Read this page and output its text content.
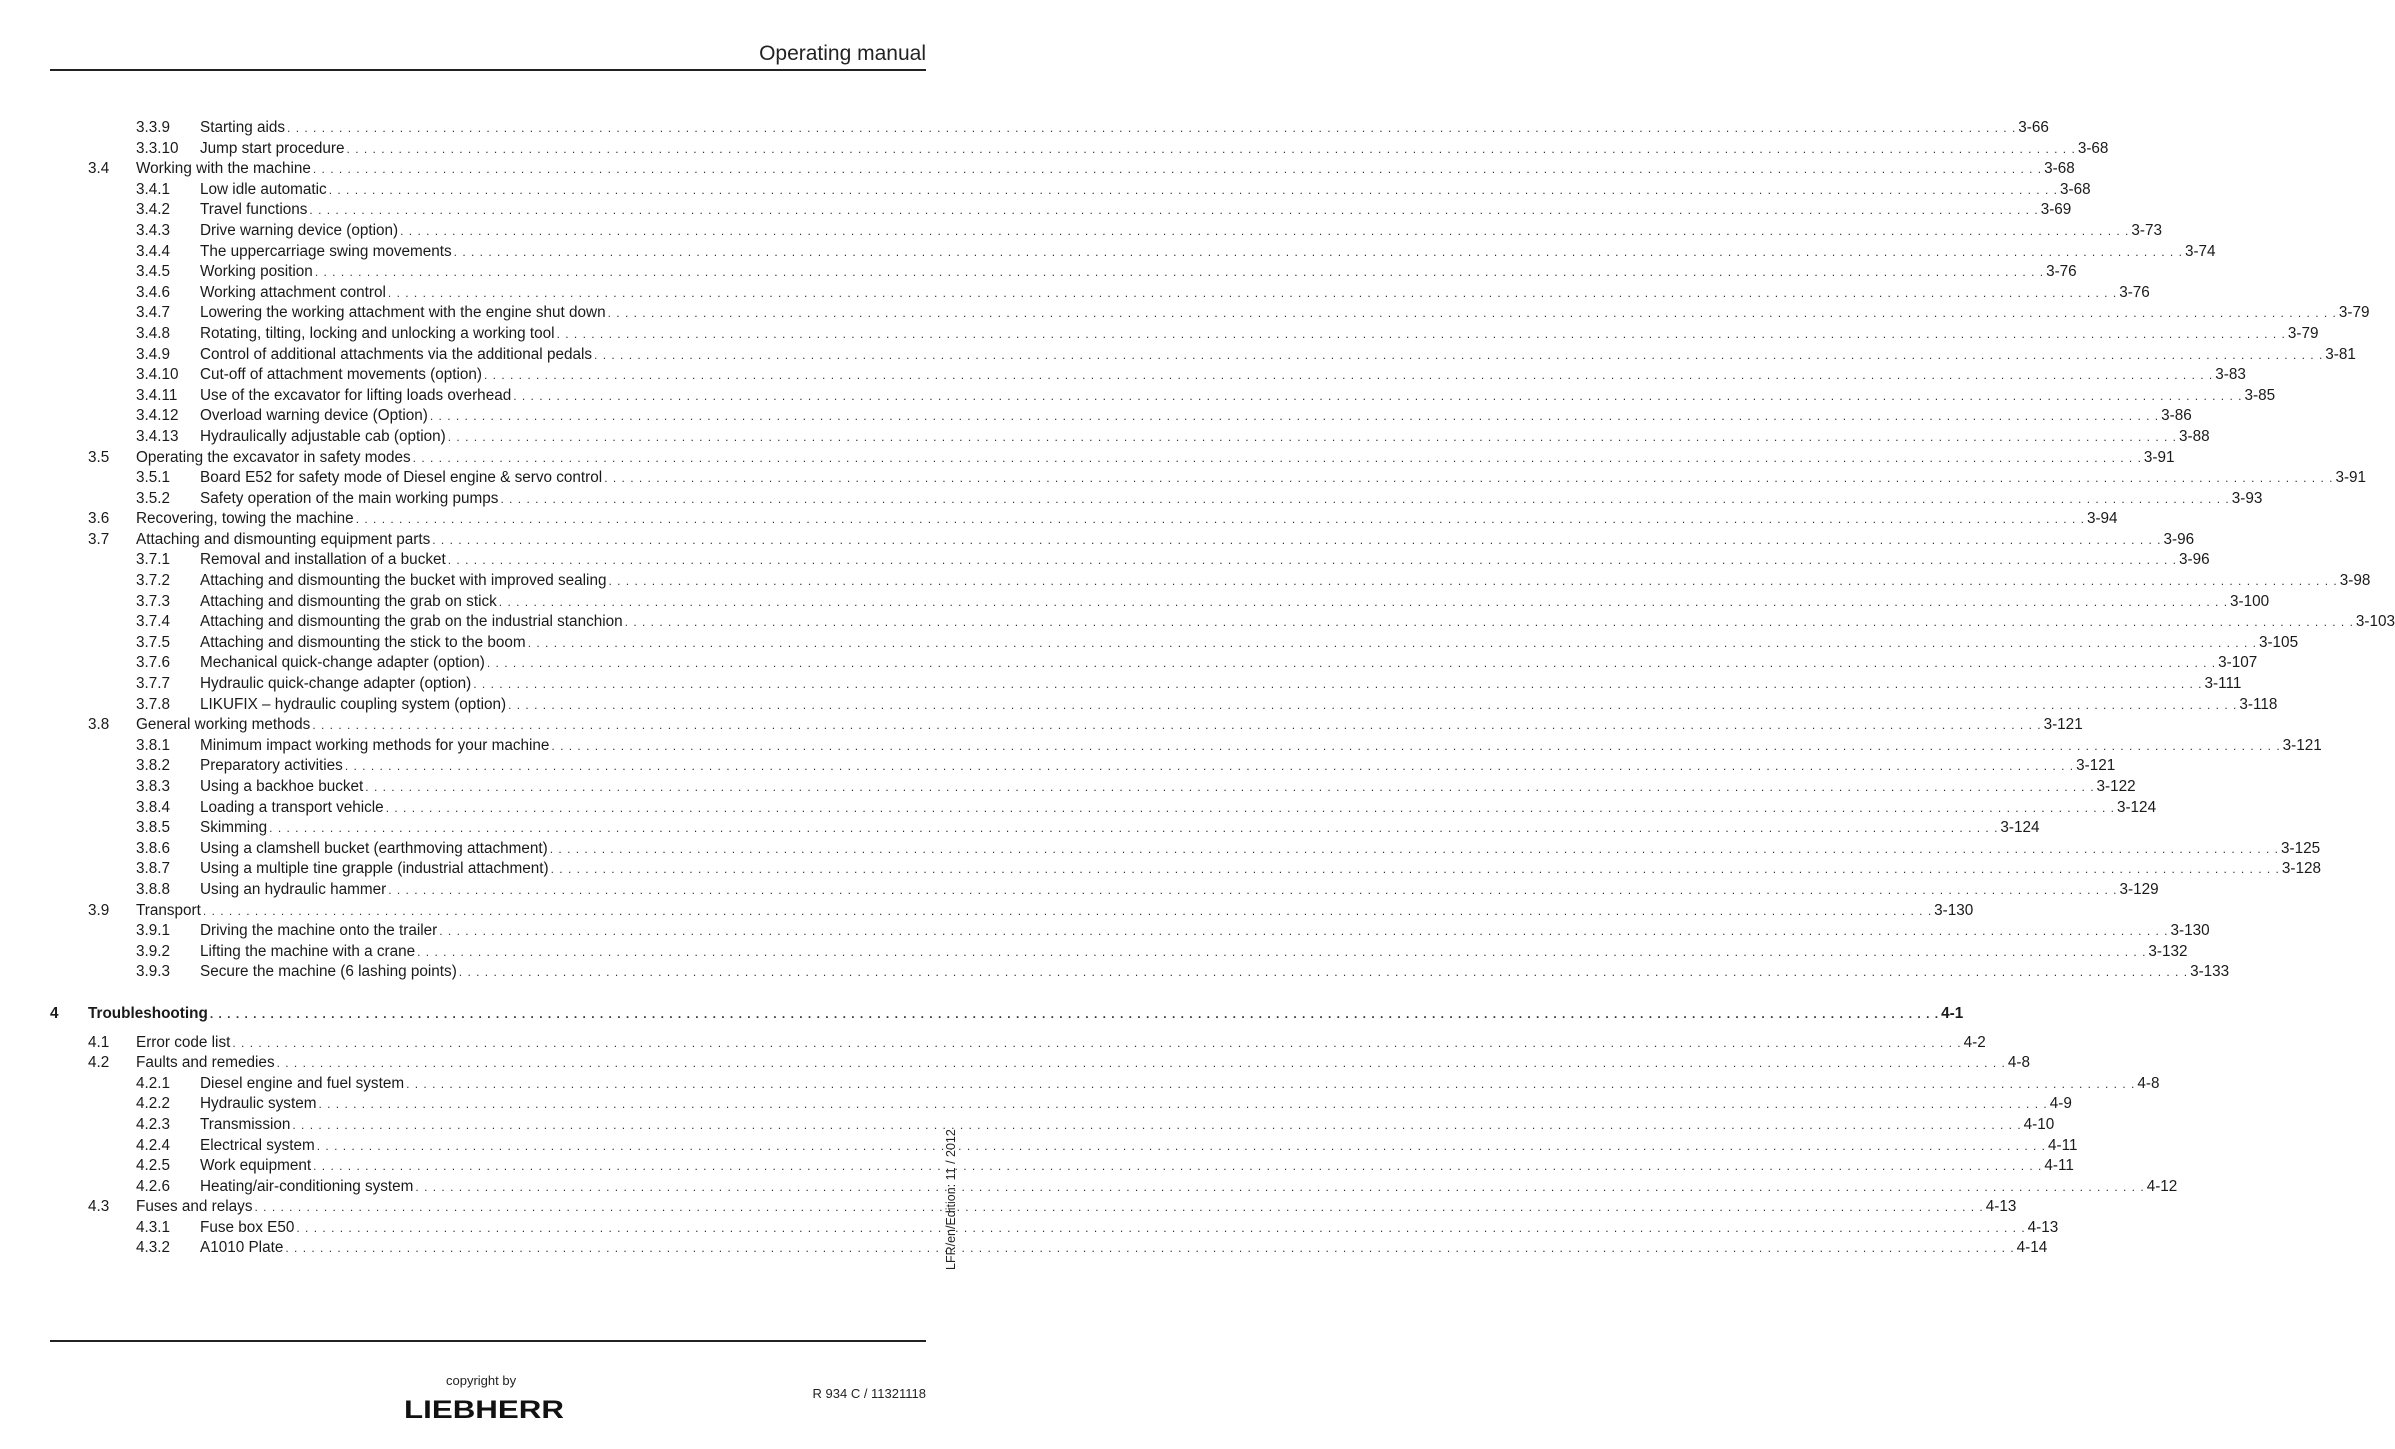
Operating manual
3.3.9 Starting aids . . . . . . . . . . . . . . . . . . . . . . . . . . . . . . . . . . . . . . . . . . . . . . . . . . . . . . . . . . . . . . . . . . . . . . . . . . . . . . . . . . . . . . . . . . . . . . . . . . . . . . . . . . . . . . . . . . . . . . . . . . . . . . . . . . . . . . . . . . . . . . . . . . . . . . . . . . . . . . . . . . . . . . . . . . . . . . . . . . . . . . . . . . . . . . . . . . . . . . . . 3-66
3.3.10 Jump start procedure . . . . . . . . . . . . . . . . . . . . . . . . . . . . . . . . . . . . . . . . . . . . . . . . . . . . . . . . . . . . . . . . . . . . . . . . . . . . . . . . . . . . . . . . . . . . . . . . . . . . . . . . . . . . . . . . . . . . . . . . . . . . . . . . . . . . . . . . . . . . . . . . . . . . . . . . . . . . . . . . . . . . . . . . . . . . . . . . . . . . . . . . . . . . . . . . . . . . . . . . 3-68
3.4 Working with the machine . . . . . . . . . . . . . . . . . . . . . . . . . . . . . . . . . . . . . . . . . . . . . . . . . . . . . . . . . . . . . . . . . . . . . . . . . . . . . . . . . . . . . . . . . . . . . . . . . . . . . . . . . . . . . . . . . . . . . . . . . . . . . . . . . . . . . . . . . . . . . . . . . . . . . . . . . . . . . . . . . . . . . . . . . . . . . . . . . . . . . . . . . . . . . . . . . . . . . . . . 3-68
3.4.1 Low idle automatic . . . . . . . . . . . . . . . . . . . . . . . . . . . . . . . . . . . . . . . . . . . . . . . . . . . . . . . . . . . . . . . . . . . . . . . . . . . . . . . . . . . . . . . . . . . . . . . . . . . . . . . . . . . . . . . . . . . . . . . . . . . . . . . . . . . . . . . . . . . . . . . . . . . . . . . . . . . . . . . . . . . . . . . . . . . . . . . . . . . . . . . . . . . . . . . . . . . . . . . . 3-68
3.4.2 Travel functions . . . . . . . . . . . . . . . . . . . . . . . . . . . . . . . . . . . . . . . . . . . . . . . . . . . . . . . . . . . . . . . . . . . . . . . . . . . . . . . . . . . . . . . . . . . . . . . . . . . . . . . . . . . . . . . . . . . . . . . . . . . . . . . . . . . . . . . . . . . . . . . . . . . . . . . . . . . . . . . . . . . . . . . . . . . . . . . . . . . . . . . . . . . . . . . . . . . . . . . . 3-69
3.4.3 Drive warning device (option) . . . . . . . . . . . . . . . . . . . . . . . . . . . . . . . . . . . . . . . . . . . . . . . . . . . . . . . . . . . . . . . . . . . . . . . . . . . . . . . . . . . . . . . . . . . . . . . . . . . . . . . . . . . . . . . . . . . . . . . . . . . . . . . . . . . . . . . . . . . . . . . . . . . . . . . . . . . . . . . . . . . . . . . . . . . . . . . . . . . . . . . . . . . . . . . . . . . . . . . . 3-73
3.4.4 The uppercarriage swing movements . . . . . . . . . . . . . . . . . . . . . . . . . . . . . . . . . . . . . . . . . . . . . . . . . . . . . . . . . . . . . . . . . . . . . . . . . . . . . . . . . . . . . . . . . . . . . . . . . . . . . . . . . . . . . . . . . . . . . . . . . . . . . . . . . . . . . . . . . . . . . . . . . . . . . . . . . . . . . . . . . . . . . . . . . . . . . . . . . . . . . . . . . . . . . . . . . . . . . . . . 3-74
3.4.5 Working position . . . . . . . . . . . . . . . . . . . . . . . . . . . . . . . . . . . . . . . . . . . . . . . . . . . . . . . . . . . . . . . . . . . . . . . . . . . . . . . . . . . . . . . . . . . . . . . . . . . . . . . . . . . . . . . . . . . . . . . . . . . . . . . . . . . . . . . . . . . . . . . . . . . . . . . . . . . . . . . . . . . . . . . . . . . . . . . . . . . . . . . . . . . . . . . . . . . . . . . . 3-76
3.4.6 Working attachment control . . . . . . . . . . . . . . . . . . . . . . . . . . . . . . . . . . . . . . . . . . . . . . . . . . . . . . . . . . . . . . . . . . . . . . . . . . . . . . . . . . . . . . . . . . . . . . . . . . . . . . . . . . . . . . . . . . . . . . . . . . . . . . . . . . . . . . . . . . . . . . . . . . . . . . . . . . . . . . . . . . . . . . . . . . . . . . . . . . . . . . . . . . . . . . . . . . . . . . . . 3-76
3.4.7 Lowering the working attachment with the engine shut down . . . . . . . . . . . . . . . . . . . . . . . . . . . . . . . . . . . . . . . . . . . . . . . . . . . . . . . . . . . . . . . . . . . . . . . . . . . . . . . . . . . . . . . . . . . . . . . . . . . . . . . . . . . . . . . . . . . . . . . . . . . . . . . . . . . . . . . . . . . . . . . . . . . . . . . . . . . . . . . . . . . . . . . . . . . . . . . . . . . . . . . . . . . . . . . . . . . . . . . . 3-79
3.4.8 Rotating, tilting, locking and unlocking a working tool . . . . . . . . . . . . . . . . . . . . . . . . . . . . . . . . . . . . . . . . . . . . . . . . . . . . . . . . . . . . . . . . . . . . . . . . . . . . . . . . . . . . . . . . . . . . . . . . . . . . . . . . . . . . . . . . . . . . . . . . . . . . . . . . . . . . . . . . . . . . . . . . . . . . . . . . . . . . . . . . . . . . . . . . . . . . . . . . . . . . . . . . . . . . . . . . . . . . . . . . 3-79
3.4.9 Control of additional attachments via the additional pedals . . . . . . . . . . . . . . . . . . . . . . . . . . . . . . . . . . . . . . . . . . . . . . . . . . . . . . . . . . . . . . . . . . . . . . . . . . . . . . . . . . . . . . . . . . . . . . . . . . . . . . . . . . . . . . . . . . . . . . . . . . . . . . . . . . . . . . . . . . . . . . . . . . . . . . . . . . . . . . . . . . . . . . . . . . . . . . . . . . . . . . . . . . . . . . . . . . . . . . . . 3-81
3.4.10 Cut-off of attachment movements (option) . . . . . . . . . . . . . . . . . . . . . . . . . . . . . . . . . . . . . . . . . . . . . . . . . . . . . . . . . . . . . . . . . . . . . . . . . . . . . . . . . . . . . . . . . . . . . . . . . . . . . . . . . . . . . . . . . . . . . . . . . . . . . . . . . . . . . . . . . . . . . . . . . . . . . . . . . . . . . . . . . . . . . . . . . . . . . . . . . . . . . . . . . . . . . . . . . . . . . . . . 3-83
3.4.11 Use of the excavator for lifting loads overhead . . . . . . . . . . . . . . . . . . . . . . . . . . . . . . . . . . . . . . . . . . . . . . . . . . . . . . . . . . . . . . . . . . . . . . . . . . . . . . . . . . . . . . . . . . . . . . . . . . . . . . . . . . . . . . . . . . . . . . . . . . . . . . . . . . . . . . . . . . . . . . . . . . . . . . . . . . . . . . . . . . . . . . . . . . . . . . . . . . . . . . . . . . . . . . . . . . . . . . . . 3-85
3.4.12 Overload warning device (Option) . . . . . . . . . . . . . . . . . . . . . . . . . . . . . . . . . . . . . . . . . . . . . . . . . . . . . . . . . . . . . . . . . . . . . . . . . . . . . . . . . . . . . . . . . . . . . . . . . . . . . . . . . . . . . . . . . . . . . . . . . . . . . . . . . . . . . . . . . . . . . . . . . . . . . . . . . . . . . . . . . . . . . . . . . . . . . . . . . . . . . . . . . . . . . . . . . . . . . . . . 3-86
3.4.13 Hydraulically adjustable cab (option) . . . . . . . . . . . . . . . . . . . . . . . . . . . . . . . . . . . . . . . . . . . . . . . . . . . . . . . . . . . . . . . . . . . . . . . . . . . . . . . . . . . . . . . . . . . . . . . . . . . . . . . . . . . . . . . . . . . . . . . . . . . . . . . . . . . . . . . . . . . . . . . . . . . . . . . . . . . . . . . . . . . . . . . . . . . . . . . . . . . . . . . . . . . . . . . . . . . . . . . . 3-88
3.5 Operating the excavator in safety modes . . . . . . . . . . . . . . . . . . . . . . . . . . . . . . . . . . . . . . . . . . . . . . . . . . . . . . . . . . . . . . . . . . . . . . . . . . . . . . . . . . . . . . . . . . . . . . . . . . . . . . . . . . . . . . . . . . . . . . . . . . . . . . . . . . . . . . . . . . . . . . . . . . . . . . . . . . . . . . . . . . . . . . . . . . . . . . . . . . . . . . . . . . . . . . . . . . . . . . . . 3-91
3.5.1 Board E52 for safety mode of Diesel engine & servo control . . . . . . . . . . . . . . . . . . . . . . . . . . . . . . . . . . . . . . . . . . . . . . . . . . . . . . . . . . . . . . . . . . . . . . . . . . . . . . . . . . . . . . . . . . . . . . . . . . . . . . . . . . . . . . . . . . . . . . . . . . . . . . . . . . . . . . . . . . . . . . . . . . . . . . . . . . . . . . . . . . . . . . . . . . . . . . . . . . . . . . . . . . . . . . . . . . . . . . . . 3-91
3.5.2 Safety operation of the main working pumps . . . . . . . . . . . . . . . . . . . . . . . . . . . . . . . . . . . . . . . . . . . . . . . . . . . . . . . . . . . . . . . . . . . . . . . . . . . . . . . . . . . . . . . . . . . . . . . . . . . . . . . . . . . . . . . . . . . . . . . . . . . . . . . . . . . . . . . . . . . . . . . . . . . . . . . . . . . . . . . . . . . . . . . . . . . . . . . . . . . . . . . . . . . . . . . . . . . . . . . . 3-93
3.6 Recovering, towing the machine . . . . . . . . . . . . . . . . . . . . . . . . . . . . . . . . . . . . . . . . . . . . . . . . . . . . . . . . . . . . . . . . . . . . . . . . . . . . . . . . . . . . . . . . . . . . . . . . . . . . . . . . . . . . . . . . . . . . . . . . . . . . . . . . . . . . . . . . . . . . . . . . . . . . . . . . . . . . . . . . . . . . . . . . . . . . . . . . . . . . . . . . . . . . . . . . . . . . . . . . 3-94
3.7 Attaching and dismounting equipment parts . . . . . . . . . . . . . . . . . . . . . . . . . . . . . . . . . . . . . . . . . . . . . . . . . . . . . . . . . . . . . . . . . . . . . . . . . . . . . . . . . . . . . . . . . . . . . . . . . . . . . . . . . . . . . . . . . . . . . . . . . . . . . . . . . . . . . . . . . . . . . . . . . . . . . . . . . . . . . . . . . . . . . . . . . . . . . . . . . . . . . . . . . . . . . . . . . . . . . . . . 3-96
3.7.1 Removal and installation of a bucket . . . . . . . . . . . . . . . . . . . . . . . . . . . . . . . . . . . . . . . . . . . . . . . . . . . . . . . . . . . . . . . . . . . . . . . . . . . . . . . . . . . . . . . . . . . . . . . . . . . . . . . . . . . . . . . . . . . . . . . . . . . . . . . . . . . . . . . . . . . . . . . . . . . . . . . . . . . . . . . . . . . . . . . . . . . . . . . . . . . . . . . . . . . . . . . . . . . . . . . . 3-96
3.7.2 Attaching and dismounting the bucket with improved sealing . . . . . . . . . . . . . . . . . . . . . . . . . . . . . . . . . . . . . . . . . . . . . . . . . . . . . . . . . . . . . . . . . . . . . . . . . . . . . . . . . . . . . . . . . . . . . . . . . . . . . . . . . . . . . . . . . . . . . . . . . . . . . . . . . . . . . . . . . . . . . . . . . . . . . . . . . . . . . . . . . . . . . . . . . . . . . . . . . . . . . . . . . . . . . . . . . . . . . . . . 3-98
3.7.3 Attaching and dismounting the grab on stick . . . . . . . . . . . . . . . . . . . . . . . . . . . . . . . . . . . . . . . . . . . . . . . . . . . . . . . . . . . . . . . . . . . . . . . . . . . . . . . . . . . . . . . . . . . . . . . . . . . . . . . . . . . . . . . . . . . . . . . . . . . . . . . . . . . . . . . . . . . . . . . . . . . . . . . . . . . . . . . . . . . . . . . . . . . . . . . . . . . . . . . . . . . . . . . . . . . . . . . . 3-100
3.7.4 Attaching and dismounting the grab on the industrial stanchion . . . . . . . . . . . . . . . . . . . . . . . . . . . . . . . . . . . . . . . . . . . . . . . . . . . . . . . . . . . . . . . . . . . . . . . . . . . . . . . . . . . . . . . . . . . . . . . . . . . . . . . . . . . . . . . . . . . . . . . . . . . . . . . . . . . . . . . . . . . . . . . . . . . . . . . . . . . . . . . . . . . . . . . . . . . . . . . . . . . . . . . . . . . . . . . . . . . . . . . . 3-103
3.7.5 Attaching and dismounting the stick to the boom . . . . . . . . . . . . . . . . . . . . . . . . . . . . . . . . . . . . . . . . . . . . . . . . . . . . . . . . . . . . . . . . . . . . . . . . . . . . . . . . . . . . . . . . . . . . . . . . . . . . . . . . . . . . . . . . . . . . . . . . . . . . . . . . . . . . . . . . . . . . . . . . . . . . . . . . . . . . . . . . . . . . . . . . . . . . . . . . . . . . . . . . . . . . . . . . . . . . . . . . 3-105
3.7.6 Mechanical quick-change adapter (option) . . . . . . . . . . . . . . . . . . . . . . . . . . . . . . . . . . . . . . . . . . . . . . . . . . . . . . . . . . . . . . . . . . . . . . . . . . . . . . . . . . . . . . . . . . . . . . . . . . . . . . . . . . . . . . . . . . . . . . . . . . . . . . . . . . . . . . . . . . . . . . . . . . . . . . . . . . . . . . . . . . . . . . . . . . . . . . . . . . . . . . . . . . . . . . . . . . . . . . . . 3-107
3.7.7 Hydraulic quick-change adapter (option) . . . . . . . . . . . . . . . . . . . . . . . . . . . . . . . . . . . . . . . . . . . . . . . . . . . . . . . . . . . . . . . . . . . . . . . . . . . . . . . . . . . . . . . . . . . . . . . . . . . . . . . . . . . . . . . . . . . . . . . . . . . . . . . . . . . . . . . . . . . . . . . . . . . . . . . . . . . . . . . . . . . . . . . . . . . . . . . . . . . . . . . . . . . . . . . . . . . . . . . . 3-111
3.7.8 LIKUFIX – hydraulic coupling system (option) . . . . . . . . . . . . . . . . . . . . . . . . . . . . . . . . . . . . . . . . . . . . . . . . . . . . . . . . . . . . . . . . . . . . . . . . . . . . . . . . . . . . . . . . . . . . . . . . . . . . . . . . . . . . . . . . . . . . . . . . . . . . . . . . . . . . . . . . . . . . . . . . . . . . . . . . . . . . . . . . . . . . . . . . . . . . . . . . . . . . . . . . . . . . . . . . . . . . . . . . 3-118
3.8 General working methods . . . . . . . . . . . . . . . . . . . . . . . . . . . . . . . . . . . . . . . . . . . . . . . . . . . . . . . . . . . . . . . . . . . . . . . . . . . . . . . . . . . . . . . . . . . . . . . . . . . . . . . . . . . . . . . . . . . . . . . . . . . . . . . . . . . . . . . . . . . . . . . . . . . . . . . . . . . . . . . . . . . . . . . . . . . . . . . . . . . . . . . . . . . . . . . . . . . . . . . . 3-121
3.8.1 Minimum impact working methods for your machine . . . . . . . . . . . . . . . . . . . . . . . . . . . . . . . . . . . . . . . . . . . . . . . . . . . . . . . . . . . . . . . . . . . . . . . . . . . . . . . . . . . . . . . . . . . . . . . . . . . . . . . . . . . . . . . . . . . . . . . . . . . . . . . . . . . . . . . . . . . . . . . . . . . . . . . . . . . . . . . . . . . . . . . . . . . . . . . . . . . . . . . . . . . . . . . . . . . . . . . . 3-121
3.8.2 Preparatory activities . . . . . . . . . . . . . . . . . . . . . . . . . . . . . . . . . . . . . . . . . . . . . . . . . . . . . . . . . . . . . . . . . . . . . . . . . . . . . . . . . . . . . . . . . . . . . . . . . . . . . . . . . . . . . . . . . . . . . . . . . . . . . . . . . . . . . . . . . . . . . . . . . . . . . . . . . . . . . . . . . . . . . . . . . . . . . . . . . . . . . . . . . . . . . . . . . . . . . . . . 3-121
3.8.3 Using a backhoe bucket . . . . . . . . . . . . . . . . . . . . . . . . . . . . . . . . . . . . . . . . . . . . . . . . . . . . . . . . . . . . . . . . . . . . . . . . . . . . . . . . . . . . . . . . . . . . . . . . . . . . . . . . . . . . . . . . . . . . . . . . . . . . . . . . . . . . . . . . . . . . . . . . . . . . . . . . . . . . . . . . . . . . . . . . . . . . . . . . . . . . . . . . . . . . . . . . . . . . . . . . 3-122
3.8.4 Loading a transport vehicle . . . . . . . . . . . . . . . . . . . . . . . . . . . . . . . . . . . . . . . . . . . . . . . . . . . . . . . . . . . . . . . . . . . . . . . . . . . . . . . . . . . . . . . . . . . . . . . . . . . . . . . . . . . . . . . . . . . . . . . . . . . . . . . . . . . . . . . . . . . . . . . . . . . . . . . . . . . . . . . . . . . . . . . . . . . . . . . . . . . . . . . . . . . . . . . . . . . . . . . . 3-124
3.8.5 Skimming . . . . . . . . . . . . . . . . . . . . . . . . . . . . . . . . . . . . . . . . . . . . . . . . . . . . . . . . . . . . . . . . . . . . . . . . . . . . . . . . . . . . . . . . . . . . . . . . . . . . . . . . . . . . . . . . . . . . . . . . . . . . . . . . . . . . . . . . . . . . . . . . . . . . . . . . . . . . . . . . . . . . . . . . . . . . . . . . . . . . . . . . . . . . . . . . . . . . . . . . 3-124
3.8.6 Using a clamshell bucket (earthmoving attachment) . . . . . . . . . . . . . . . . . . . . . . . . . . . . . . . . . . . . . . . . . . . . . . . . . . . . . . . . . . . . . . . . . . . . . . . . . . . . . . . . . . . . . . . . . . . . . . . . . . . . . . . . . . . . . . . . . . . . . . . . . . . . . . . . . . . . . . . . . . . . . . . . . . . . . . . . . . . . . . . . . . . . . . . . . . . . . . . . . . . . . . . . . . . . . . . . . . . . . . . . 3-125
3.8.7 Using a multiple tine grapple (industrial attachment) . . . . . . . . . . . . . . . . . . . . . . . . . . . . . . . . . . . . . . . . . . . . . . . . . . . . . . . . . . . . . . . . . . . . . . . . . . . . . . . . . . . . . . . . . . . . . . . . . . . . . . . . . . . . . . . . . . . . . . . . . . . . . . . . . . . . . . . . . . . . . . . . . . . . . . . . . . . . . . . . . . . . . . . . . . . . . . . . . . . . . . . . . . . . . . . . . . . . . . . . 3-128
3.8.8 Using an hydraulic hammer . . . . . . . . . . . . . . . . . . . . . . . . . . . . . . . . . . . . . . . . . . . . . . . . . . . . . . . . . . . . . . . . . . . . . . . . . . . . . . . . . . . . . . . . . . . . . . . . . . . . . . . . . . . . . . . . . . . . . . . . . . . . . . . . . . . . . . . . . . . . . . . . . . . . . . . . . . . . . . . . . . . . . . . . . . . . . . . . . . . . . . . . . . . . . . . . . . . . . . . . 3-129
3.9 Transport . . . . . . . . . . . . . . . . . . . . . . . . . . . . . . . . . . . . . . . . . . . . . . . . . . . . . . . . . . . . . . . . . . . . . . . . . . . . . . . . . . . . . . . . . . . . . . . . . . . . . . . . . . . . . . . . . . . . . . . . . . . . . . . . . . . . . . . . . . . . . . . . . . . . . . . . . . . . . . . . . . . . . . . . . . . . . . . . . . . . . . . . . . . . . . . . . . . . . . . . 3-130
3.9.1 Driving the machine onto the trailer . . . . . . . . . . . . . . . . . . . . . . . . . . . . . . . . . . . . . . . . . . . . . . . . . . . . . . . . . . . . . . . . . . . . . . . . . . . . . . . . . . . . . . . . . . . . . . . . . . . . . . . . . . . . . . . . . . . . . . . . . . . . . . . . . . . . . . . . . . . . . . . . . . . . . . . . . . . . . . . . . . . . . . . . . . . . . . . . . . . . . . . . . . . . . . . . . . . . . . . . 3-130
3.9.2 Lifting the machine with a crane . . . . . . . . . . . . . . . . . . . . . . . . . . . . . . . . . . . . . . . . . . . . . . . . . . . . . . . . . . . . . . . . . . . . . . . . . . . . . . . . . . . . . . . . . . . . . . . . . . . . . . . . . . . . . . . . . . . . . . . . . . . . . . . . . . . . . . . . . . . . . . . . . . . . . . . . . . . . . . . . . . . . . . . . . . . . . . . . . . . . . . . . . . . . . . . . . . . . . . . . 3-132
3.9.3 Secure the machine (6 lashing points) . . . . . . . . . . . . . . . . . . . . . . . . . . . . . . . . . . . . . . . . . . . . . . . . . . . . . . . . . . . . . . . . . . . . . . . . . . . . . . . . . . . . . . . . . . . . . . . . . . . . . . . . . . . . . . . . . . . . . . . . . . . . . . . . . . . . . . . . . . . . . . . . . . . . . . . . . . . . . . . . . . . . . . . . . . . . . . . . . . . . . . . . . . . . . . . . . . . . . . . . 3-133
4 Troubleshooting . . . . . . . . . . . . . . . . . . . . . . . . . . . . . . . . . . . . . . . . . . . . . . . . . . . . . . . . . . . . . . . . . . . . . . . . . . . . . . . . . . . . . . . . . . . . . . . . . . . . . . . . . . . . . . . . . . . . . . . . . . . . . . . . . . . . . . . . . . . . . . . . . . . . . . . . . . . . . . . . . . . . . . . . . . . . . . . . . . . . . . . . . . . . . . . . . . . . . . . . 4-1
4.1 Error code list . . . . . . . . . . . . . . . . . . . . . . . . . . . . . . . . . . . . . . . . . . . . . . . . . . . . . . . . . . . . . . . . . . . . . . . . . . . . . . . . . . . . . . . . . . . . . . . . . . . . . . . . . . . . . . . . . . . . . . . . . . . . . . . . . . . . . . . . . . . . . . . . . . . . . . . . . . . . . . . . . . . . . . . . . . . . . . . . . . . . . . . . . . . . . . . . . . . . . . . . 4-2
4.2 Faults and remedies . . . . . . . . . . . . . . . . . . . . . . . . . . . . . . . . . . . . . . . . . . . . . . . . . . . . . . . . . . . . . . . . . . . . . . . . . . . . . . . . . . . . . . . . . . . . . . . . . . . . . . . . . . . . . . . . . . . . . . . . . . . . . . . . . . . . . . . . . . . . . . . . . . . . . . . . . . . . . . . . . . . . . . . . . . . . . . . . . . . . . . . . . . . . . . . . . . . . . . . . 4-8
4.2.1 Diesel engine and fuel system . . . . . . . . . . . . . . . . . . . . . . . . . . . . . . . . . . . . . . . . . . . . . . . . . . . . . . . . . . . . . . . . . . . . . . . . . . . . . . . . . . . . . . . . . . . . . . . . . . . . . . . . . . . . . . . . . . . . . . . . . . . . . . . . . . . . . . . . . . . . . . . . . . . . . . . . . . . . . . . . . . . . . . . . . . . . . . . . . . . . . . . . . . . . . . . . . . . . . . . . 4-8
4.2.2 Hydraulic system . . . . . . . . . . . . . . . . . . . . . . . . . . . . . . . . . . . . . . . . . . . . . . . . . . . . . . . . . . . . . . . . . . . . . . . . . . . . . . . . . . . . . . . . . . . . . . . . . . . . . . . . . . . . . . . . . . . . . . . . . . . . . . . . . . . . . . . . . . . . . . . . . . . . . . . . . . . . . . . . . . . . . . . . . . . . . . . . . . . . . . . . . . . . . . . . . . . . . . . . 4-9
4.2.3 Transmission . . . . . . . . . . . . . . . . . . . . . . . . . . . . . . . . . . . . . . . . . . . . . . . . . . . . . . . . . . . . . . . . . . . . . . . . . . . . . . . . . . . . . . . . . . . . . . . . . . . . . . . . . . . . . . . . . . . . . . . . . . . . . . . . . . . . . . . . . . . . . . . . . . . . . . . . . . . . . . . . . . . . . . . . . . . . . . . . . . . . . . . . . . . . . . . . . . . . . . . . 4-10
4.2.4 Electrical system . . . . . . . . . . . . . . . . . . . . . . . . . . . . . . . . . . . . . . . . . . . . . . . . . . . . . . . . . . . . . . . . . . . . . . . . . . . . . . . . . . . . . . . . . . . . . . . . . . . . . . . . . . . . . . . . . . . . . . . . . . . . . . . . . . . . . . . . . . . . . . . . . . . . . . . . . . . . . . . . . . . . . . . . . . . . . . . . . . . . . . . . . . . . . . . . . . . . . . . . 4-11
4.2.5 Work equipment . . . . . . . . . . . . . . . . . . . . . . . . . . . . . . . . . . . . . . . . . . . . . . . . . . . . . . . . . . . . . . . . . . . . . . . . . . . . . . . . . . . . . . . . . . . . . . . . . . . . . . . . . . . . . . . . . . . . . . . . . . . . . . . . . . . . . . . . . . . . . . . . . . . . . . . . . . . . . . . . . . . . . . . . . . . . . . . . . . . . . . . . . . . . . . . . . . . . . . . . 4-11
4.2.6 Heating/air-conditioning system . . . . . . . . . . . . . . . . . . . . . . . . . . . . . . . . . . . . . . . . . . . . . . . . . . . . . . . . . . . . . . . . . . . . . . . . . . . . . . . . . . . . . . . . . . . . . . . . . . . . . . . . . . . . . . . . . . . . . . . . . . . . . . . . . . . . . . . . . . . . . . . . . . . . . . . . . . . . . . . . . . . . . . . . . . . . . . . . . . . . . . . . . . . . . . . . . . . . . . . . 4-12
4.3 Fuses and relays . . . . . . . . . . . . . . . . . . . . . . . . . . . . . . . . . . . . . . . . . . . . . . . . . . . . . . . . . . . . . . . . . . . . . . . . . . . . . . . . . . . . . . . . . . . . . . . . . . . . . . . . . . . . . . . . . . . . . . . . . . . . . . . . . . . . . . . . . . . . . . . . . . . . . . . . . . . . . . . . . . . . . . . . . . . . . . . . . . . . . . . . . . . . . . . . . . . . . . . . 4-13
4.3.1 Fuse box E50 . . . . . . . . . . . . . . . . . . . . . . . . . . . . . . . . . . . . . . . . . . . . . . . . . . . . . . . . . . . . . . . . . . . . . . . . . . . . . . . . . . . . . . . . . . . . . . . . . . . . . . . . . . . . . . . . . . . . . . . . . . . . . . . . . . . . . . . . . . . . . . . . . . . . . . . . . . . . . . . . . . . . . . . . . . . . . . . . . . . . . . . . . . . . . . . . . . . . . . . . 4-13
4.3.2 A1010 Plate . . . . . . . . . . . . . . . . . . . . . . . . . . . . . . . . . . . . . . . . . . . . . . . . . . . . . . . . . . . . . . . . . . . . . . . . . . . . . . . . . . . . . . . . . . . . . . . . . . . . . . . . . . . . . . . . . . . . . . . . . . . . . . . . . . . . . . . . . . . . . . . . . . . . . . . . . . . . . . . . . . . . . . . . . . . . . . . . . . . . . . . . . . . . . . . . . . . . . . . . 4-14
LFR/en/Edition: 11 / 2012
copyright by
LIEBHERR
R 934 C / 11321118
